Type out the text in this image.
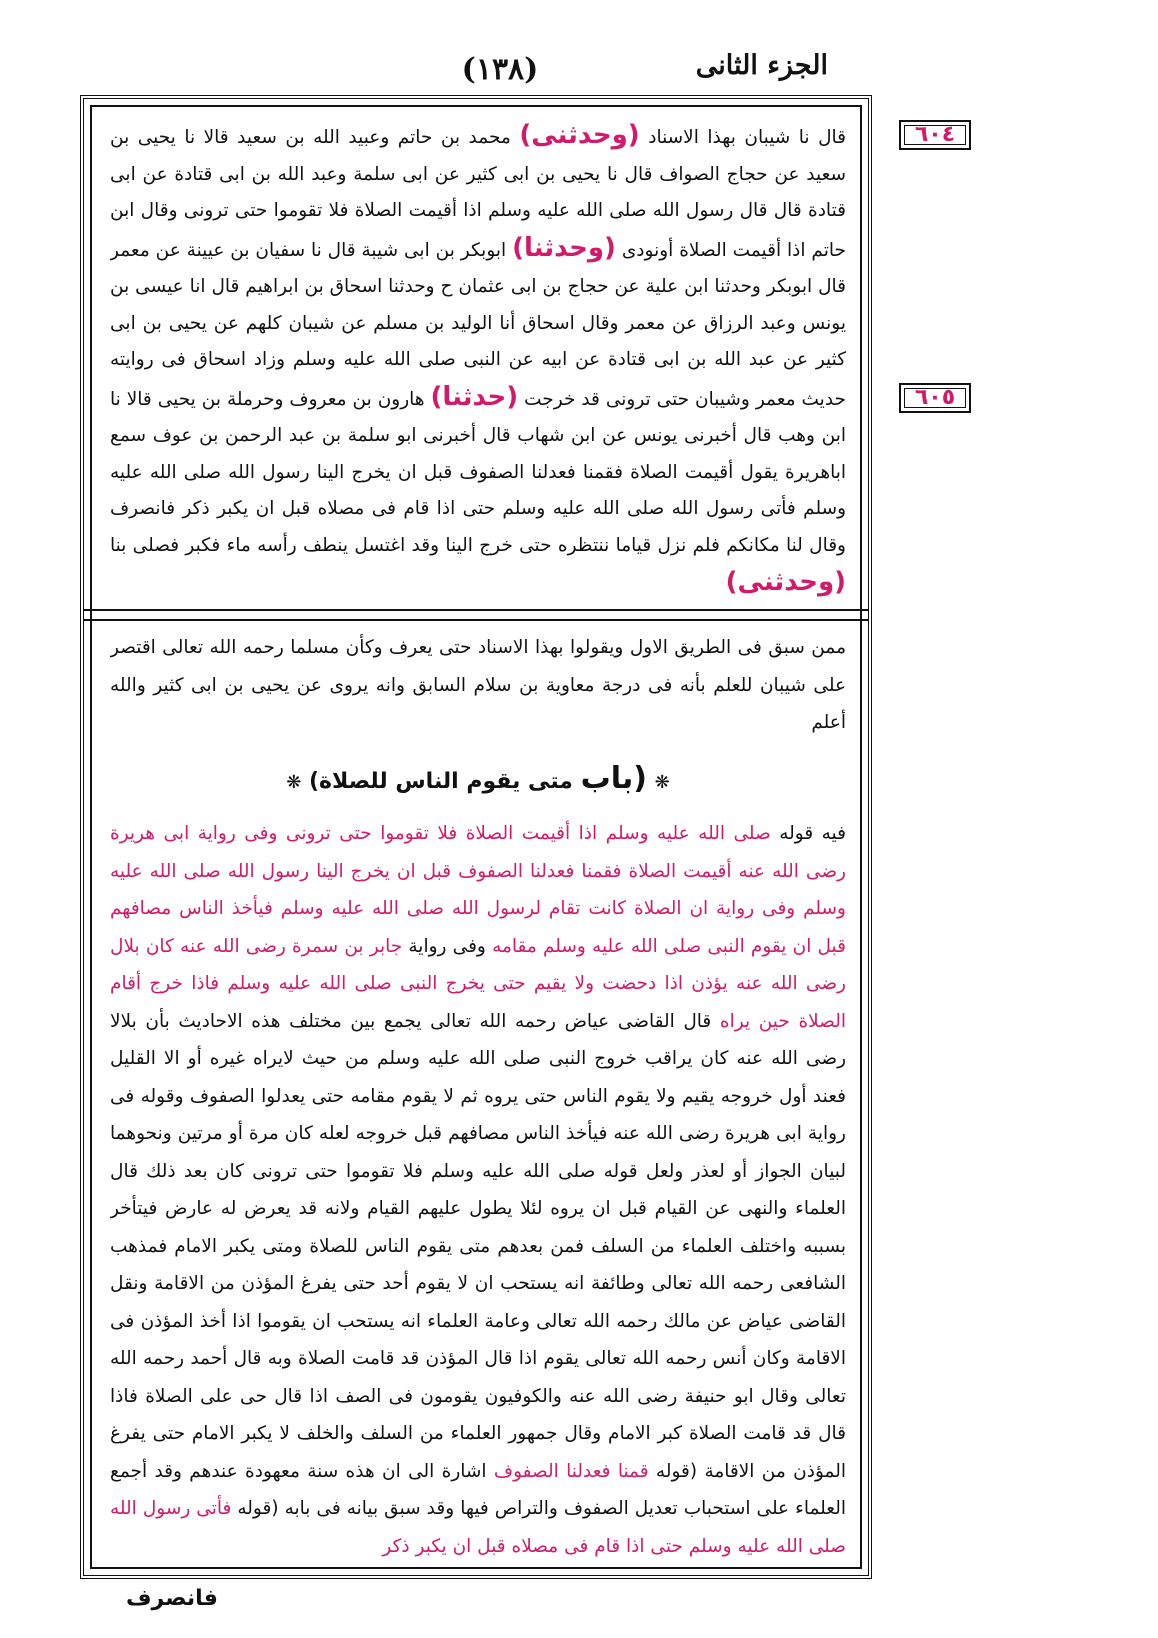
(١٣٨)	الجزء الثانى
٦٠٤
٦٠٥

قال نا شيبان بهذا الاسناد (وحدثنى) محمد بن حاتم وعبيد الله بن سعيد قالا نا يحيى بن سعيد عن حجاج الصواف قال نا يحيى بن ابى كثير عن ابى سلمة وعبد الله بن ابى قتادة عن ابى قتادة قال قال رسول الله صلى الله عليه وسلم اذا أقيمت الصلاة فلا تقوموا حتى ترونى وقال ابن حاتم اذا أقيمت الصلاة أونودى (وحدثنا) ابوبكر بن ابى شيبة قال نا سفيان بن عيينة عن معمر قال ابوبكر وحدثنا ابن علية عن حجاج بن ابى عثمان ح وحدثنا اسحاق بن ابراهيم قال انا عيسى بن يونس وعبد الرزاق عن معمر وقال اسحاق أنا الوليد بن مسلم عن شيبان كلهم عن يحيى بن ابى كثير عن عبد الله بن ابى قتادة عن ابيه عن النبى صلى الله عليه وسلم وزاد اسحاق فى روايته حديث معمر وشيبان حتى ترونى قد خرجت (حدثنا) هارون بن معروف وحرملة بن يحيى قالا نا ابن وهب قال أخبرنى يونس عن ابن شهاب قال أخبرنى ابو سلمة بن عبد الرحمن بن عوف سمع اباهريرة يقول أقيمت الصلاة فقمنا فعدلنا الصفوف قبل ان يخرج الينا رسول الله صلى الله عليه وسلم فأتى رسول الله صلى الله عليه وسلم حتى اذا قام فى مصلاه قبل ان يكبر ذكر فانصرف وقال لنا مكانكم فلم نزل قياما ننتظره حتى خرج الينا وقد اغتسل ينطف رأسه ماء فكبر فصلى بنا (وحدثنى)

ممن سبق فى الطريق الاول ويقولوا بهذا الاسناد حتى يعرف وكأن مسلما رحمه الله تعالى اقتصر على شيبان للعلم بأنه فى درجة معاوية بن سلام السابق وانه يروى عن يحيى بن ابى كثير والله أعلم

❋ (باب متى يقوم الناس للصلاة) ❋

فيه قوله صلى الله عليه وسلم اذا أقيمت الصلاة فلا تقوموا حتى ترونى وفى رواية ابى هريرة رضى الله عنه أقيمت الصلاة فقمنا فعدلنا الصفوف قبل ان يخرج الينا رسول الله صلى الله عليه وسلم وفى رواية ان الصلاة كانت تقام لرسول الله صلى الله عليه وسلم فيأخذ الناس مصافهم قبل ان يقوم النبى صلى الله عليه وسلم مقامه وفى رواية جابر بن سمرة رضى الله عنه كان بلال رضى الله عنه يؤذن اذا دحضت ولا يقيم حتى يخرج النبى صلى الله عليه وسلم فاذا خرج أقام الصلاة حين يراه قال القاضى عياض رحمه الله تعالى يجمع بين مختلف هذه الاحاديث بأن بلالا رضى الله عنه كان يراقب خروج النبى صلى الله عليه وسلم من حيث لايراه غيره أو الا القليل فعند أول خروجه يقيم ولا يقوم الناس حتى يروه ثم لا يقوم مقامه حتى يعدلوا الصفوف وقوله فى رواية ابى هريرة رضى الله عنه فيأخذ الناس مصافهم قبل خروجه لعله كان مرة أو مرتين ونحوهما لبيان الجواز أو لعذر ولعل قوله صلى الله عليه وسلم فلا تقوموا حتى ترونى كان بعد ذلك قال العلماء والنهى عن القيام قبل ان يروه لئلا يطول عليهم القيام ولانه قد يعرض له عارض فيتأخر بسببه واختلف العلماء من السلف فمن بعدهم متى يقوم الناس للصلاة ومتى يكبر الامام فمذهب الشافعى رحمه الله تعالى وطائفة انه يستحب ان لا يقوم أحد حتى يفرغ المؤذن من الاقامة ونقل القاضى عياض عن مالك رحمه الله تعالى وعامة العلماء انه يستحب ان يقوموا اذا أخذ المؤذن فى الاقامة وكان أنس رحمه الله تعالى يقوم اذا قال المؤذن قد قامت الصلاة وبه قال أحمد رحمه الله تعالى وقال ابو حنيفة رضى الله عنه والكوفيون يقومون فى الصف اذا قال حى على الصلاة فاذا قال قد قامت الصلاة كبر الامام وقال جمهور العلماء من السلف والخلف لا يكبر الامام حتى يفرغ المؤذن من الاقامة (قوله قمنا فعدلنا الصفوف اشارة الى ان هذه سنة معهودة عندهم وقد أجمع العلماء على استحباب تعديل الصفوف والتراص فيها وقد سبق بيانه فى بابه (قوله فأتى رسول الله صلى الله عليه وسلم حتى اذا قام فى مصلاه قبل ان يكبر ذكر

فانصرف
